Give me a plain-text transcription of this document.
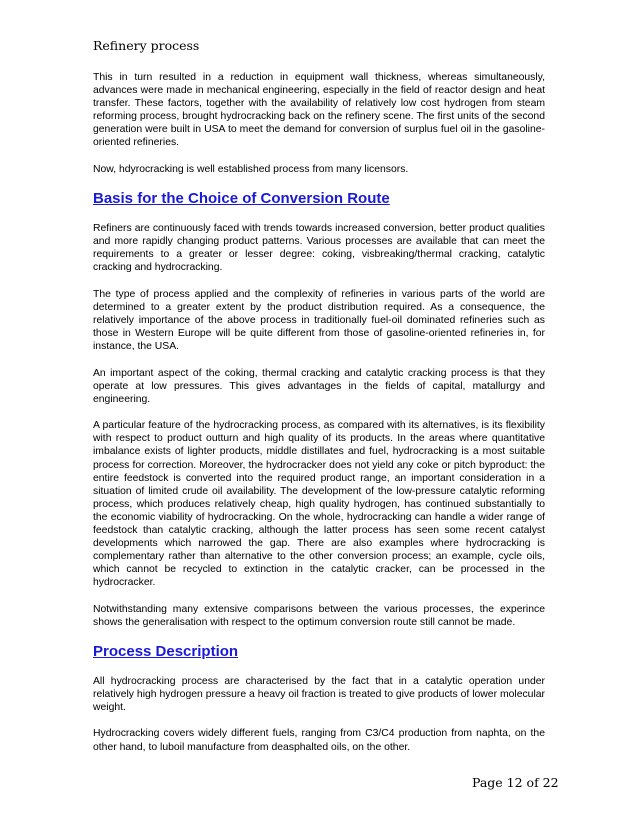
Refinery process

This in turn resulted in a reduction in equipment wall thickness, whereas simultaneously, advances were made in mechanical engineering, especially in the field of reactor design and heat transfer. These factors, together with the availability of relatively low cost hydrogen from steam reforming process, brought hydrocracking back on the refinery scene. The first units of the second generation were built in USA to meet the demand for conversion of surplus fuel oil in the gasoline-oriented refineries.

Now, hdyrocracking is well established process from many licensors.

Basis for the Choice of Conversion Route

Refiners are continuously faced with trends towards increased conversion, better product qualities and more rapidly changing product patterns. Various processes are available that can meet the requirements to a greater or lesser degree: coking, visbreaking/thermal cracking, catalytic cracking and hydrocracking.

The type of process applied and the complexity of refineries in various parts of the world are determined to a greater extent by the product distribution required. As a consequence, the relatively importance of the above process in traditionally fuel-oil dominated refineries such as those in Western Europe will be quite different from those of gasoline-oriented refineries in, for instance, the USA.

An important aspect of the coking, thermal cracking and catalytic cracking process is that they operate at low pressures. This gives advantages in the fields of capital, matallurgy and engineering.

A particular feature of the hydrocracking process, as compared with its alternatives, is its flexibility with respect to product outturn and high quality of its products. In the areas where quantitative imbalance exists of lighter products, middle distillates and fuel, hydrocracking is a most suitable process for correction. Moreover, the hydrocracker does not yield any coke or pitch byproduct: the entire feedstock is converted into the required product range, an important consideration in a situation of limited crude oil availability. The development of the low-pressure catalytic reforming process, which produces relatively cheap, high quality hydrogen, has continued substantially to the economic viability of hydrocracking. On the whole, hydrocracking can handle a wider range of feedstock than catalytic cracking, although the latter process has seen some recent catalyst developments which narrowed the gap. There are also examples where hydrocracking is complementary rather than alternative to the other conversion process; an example, cycle oils, which cannot be recycled to extinction in the catalytic cracker, can be processed in the hydrocracker.

Notwithstanding many extensive comparisons between the various processes, the experince shows the generalisation with respect to the optimum conversion route still cannot be made.

Process Description

All hydrocracking process are characterised by the fact that in a catalytic operation under relatively high hydrogen pressure a heavy oil fraction is treated to give products of lower molecular weight.

Hydrocracking covers widely different fuels, ranging from C3/C4 production from naphta, on the other hand, to luboil manufacture from deasphalted oils, on the other.

Page 12 of 22
